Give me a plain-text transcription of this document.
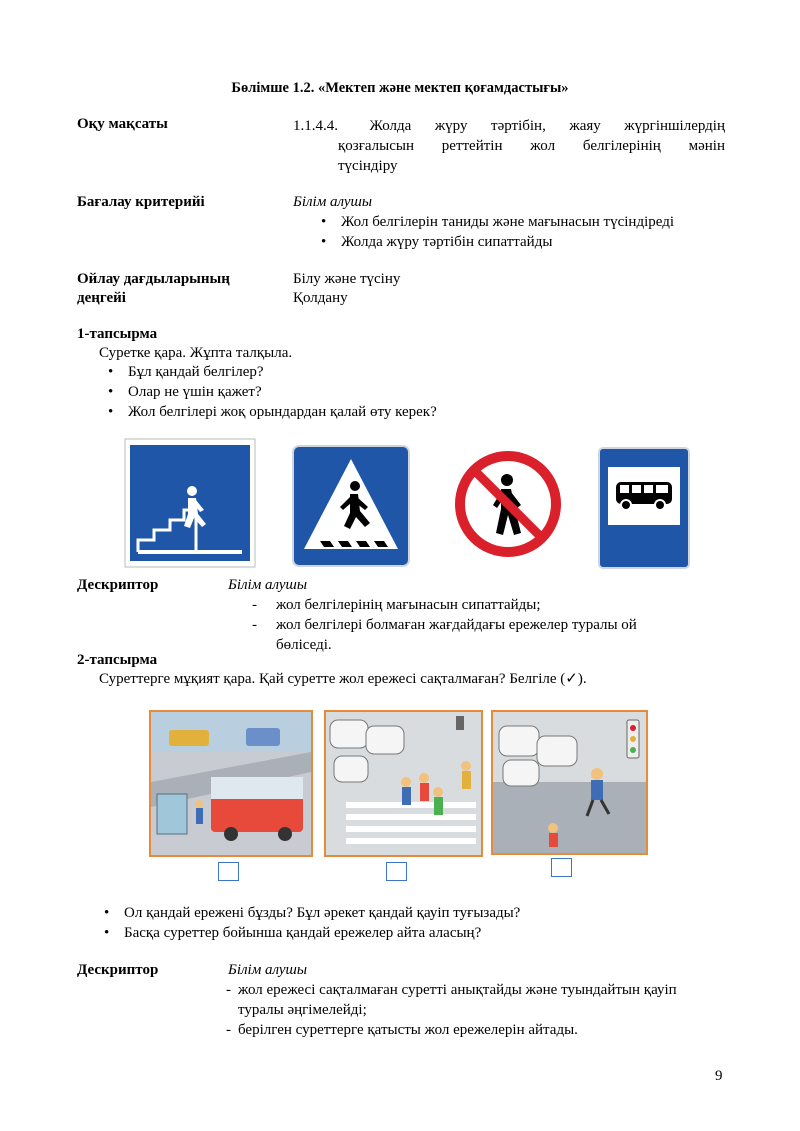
Бөлімше 1.2. «Мектеп және мектеп қоғамдастығы»
Оқу мақсаты	1.1.4.4. Жолда жүру тәртібін, жаяу жүргіншілердің
қозғалысын реттейтін жол белгілерінің мәнін
түсіндіру
Бағалау критерийі	Білім алушы
• Жол белгілерін таниды және мағынасын түсіндіреді
• Жолда жүру тәртібін сипаттайды
Ойлау дағдыларының
деңгейі
Білу және түсіну
Қолдану
1-тапсырма
Суретке қара. Жұпта талқыла.
• Бұл қандай белгілер?
• Олар не үшін қажет?
• Жол белгілері жоқ орындардан қалай өту керек?
Дескриптор	Білім алушы
- жол белгілерінің мағынасын сипаттайды;
- жол белгілері болмаған жағдайдағы ережелер туралы ой бөліседі.
2-тапсырма
Суреттерге мұқият қара. Қай суретте жол ережесі сақталмаған? Белгіле (✓).
• Ол қандай ережені бұзды? Бұл әрекет қандай қауіп туғызады?
• Басқа суреттер бойынша қандай ережелер айта аласың?
Дескриптор	Білім алушы
- жол ережесі сақталмаған суретті анықтайды және туындайтын қауіп туралы әңгімелейді;
- берілген суреттерге қатысты жол ережелерін айтады.
9
